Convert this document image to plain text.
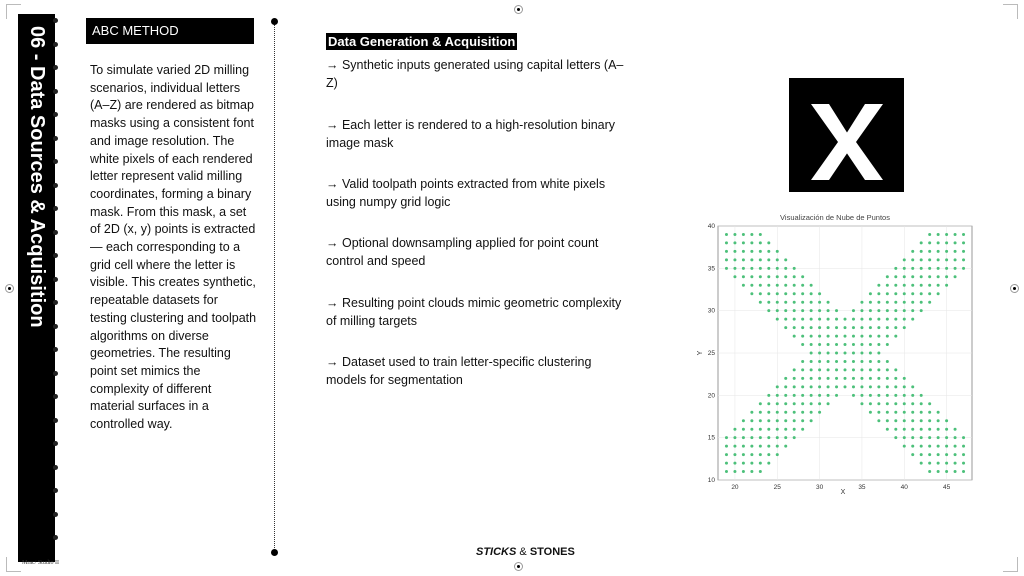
06 - Data Sources & Acquisition
Mrac/ Studio II
ABC METHOD
To simulate varied 2D milling scenarios, individual letters (A–Z) are rendered as bitmap masks using a consistent font and image resolution. The white pixels of each rendered letter represent valid milling coordinates, forming a binary mask. From this mask, a set of 2D (x, y) points is extracted — each corresponding to a grid cell where the letter is visible. This creates synthetic, repeatable datasets for testing clustering and toolpath algorithms on diverse geometries. The resulting point set mimics the complexity of different material surfaces in a controlled way.
Data Generation & Acquisition
→ Synthetic inputs generated using capital letters (A–Z)
→ Each letter is rendered to a high-resolution binary image mask
→ Valid toolpath points extracted from white pixels using numpy grid logic
→ Optional downsampling applied for point count control and speed
→ Resulting point clouds mimic geometric complexity of milling targets
→ Dataset used to train letter-specific clustering models for segmentation
Visualización de Nube de Puntos
X
Y
20	25	30	35	40	45
10
15
20
25
30
35
40
STICKS & STONES
